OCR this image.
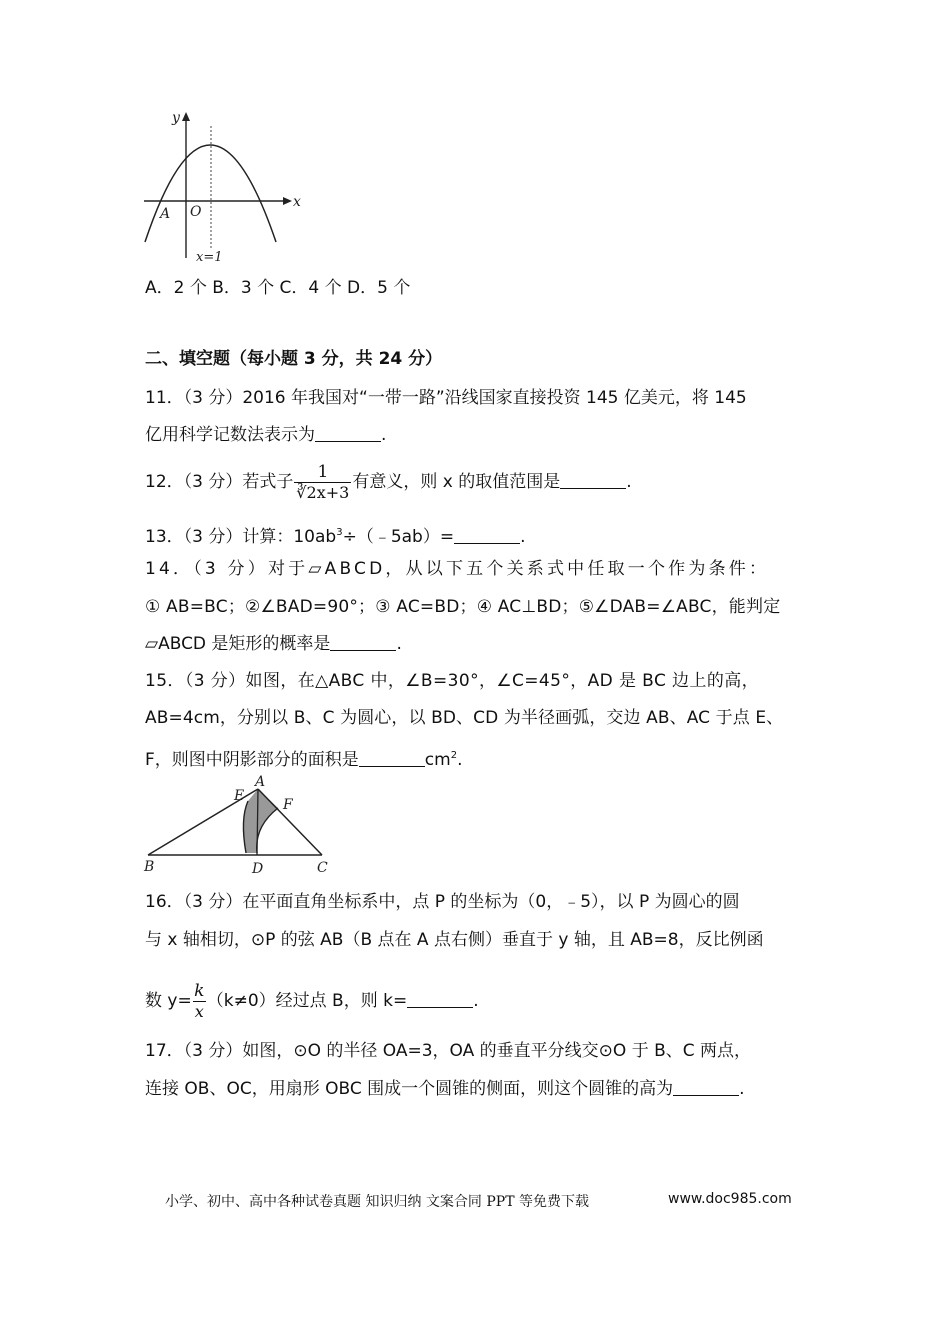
y
x
O
A
x=1
A．2 个 B．3 个 C．4 个 D．5 个
二、填空题（每小题 3 分，共 24 分）
11．（3 分）2016 年我国对“一带一路”沿线国家直接投资 145 亿美元，将 145
亿用科学记数法表示为	.
12．（3 分）若式子 $\frac{1}{∛2x+3}$ 有意义，则 x 的取值范围是	.
13．（3 分）计算：$10ab^3\div(﹣5ab)=$	.
14．（3 分）对于▱ABCD，从以下五个关系式中任取一个作为条件：
① AB=BC；②∠BAD=90°；③ AC=BD；④ AC⊥BD；⑤∠DAB=∠ABC，能判定
▱ABCD 是矩形的概率是	.
15．（3 分）如图，在△ABC 中，∠B=30°，∠C=45°，AD 是 BC 边上的高，
AB=4cm，分别以 B、C 为圆心，以 BD、CD 为半径画弧，交边 AB、AC 于点 E、
F，则图中阴影部分的面积是	$cm^2$.
A
E
F
B	D	C
16．（3 分）在平面直角坐标系中，点 P 的坐标为（0，﹣5），以 P 为圆心的圆
与 x 轴相切，⊙P 的弦 AB（B 点在 A 点右侧）垂直于 y 轴，且 AB=8，反比例函
数 $y= \frac{k}{x} (k\ne 0)$经过点 B，则 k=	.
17．（3 分）如图，⊙O 的半径 OA=3，OA 的垂直平分线交⊙O 于 B、C 两点，
连接 OB、OC，用扇形 OBC 围成一个圆锥的侧面，则这个圆锥的高为	.
小学、初中、高中各种试卷真题 知识归纳 文案合同 PPT 等免费下载	www.doc985.com
